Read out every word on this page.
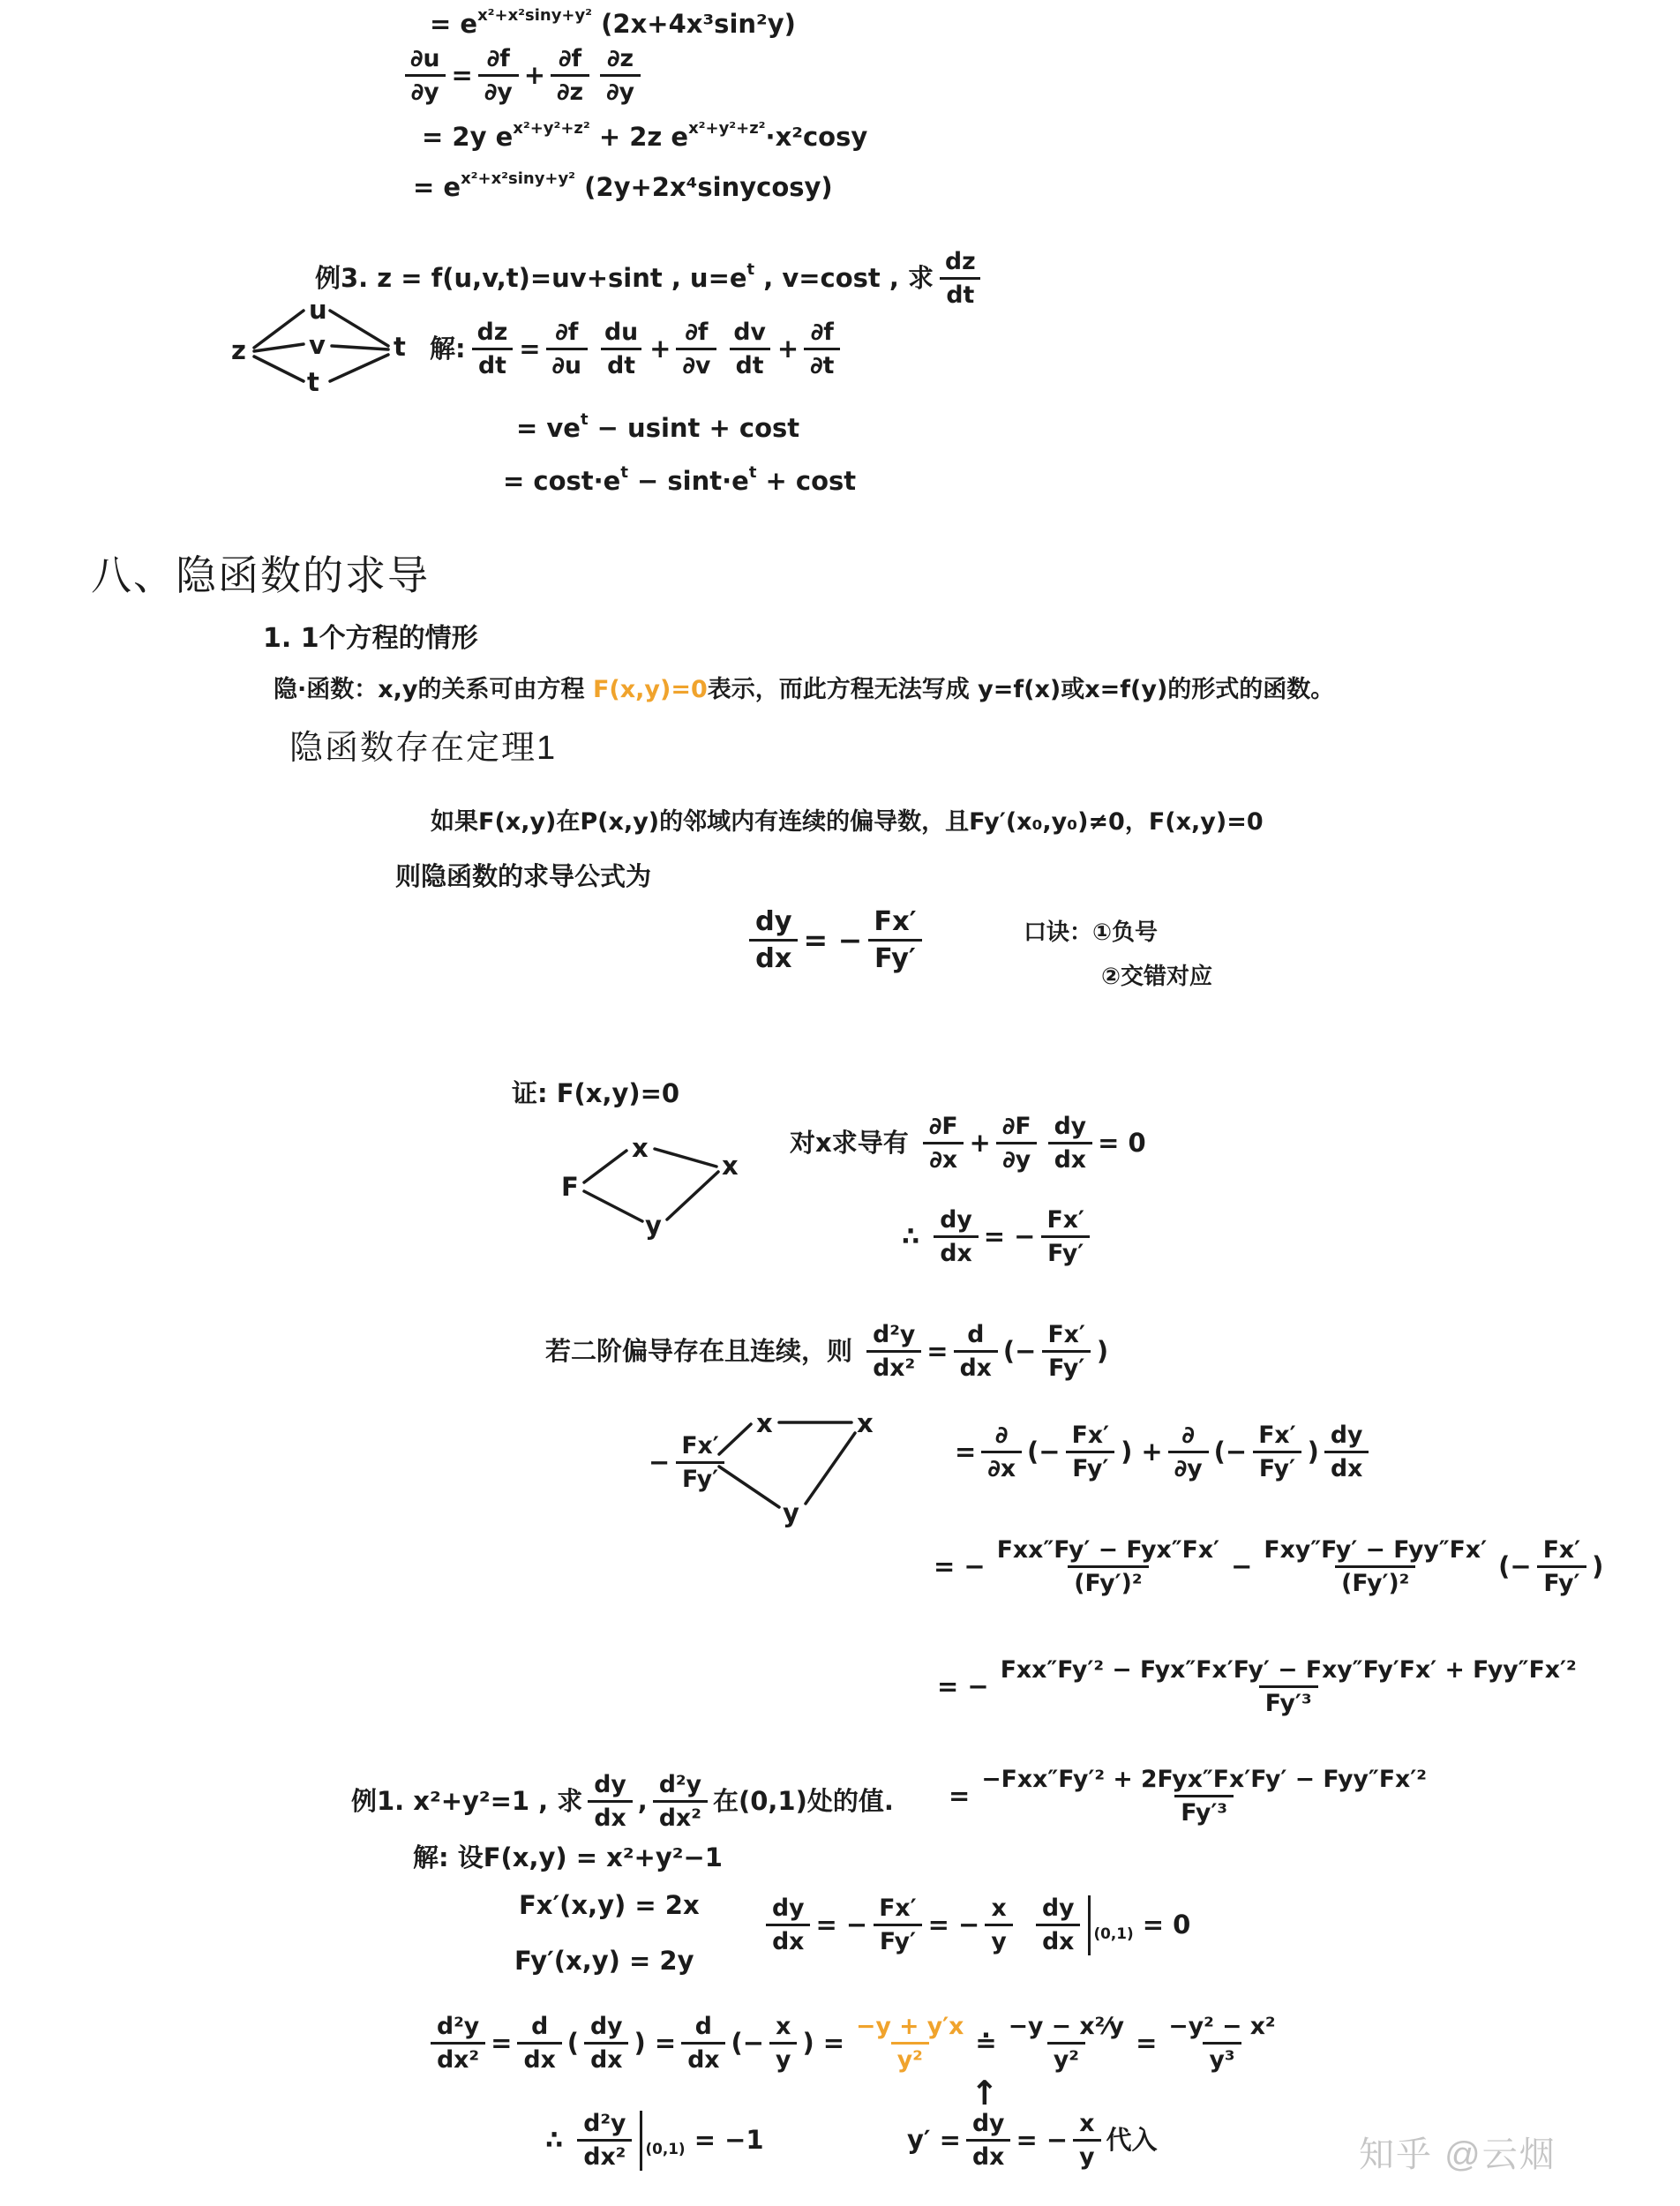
= e x²+x²siny+y² (2x+4x³sin²y)
$\frac{\partial u}{\partial y} = \frac{\partial f}{\partial y} + \frac{\partial f}{\partial z} \frac{\partial z}{\partial y}$
= 2y e x²+y²+z² + 2z e x²+y²+z² ·x²cosy
= e x²+x²siny+y² (2y+2x⁴sinycosy)
例3. z = f(u,v,t)=uv+sint , u=e t , v=cost , 求 $\frac{dz}{dt}$
解: $\frac{dz}{dt} = \frac{\partial f}{\partial u} \frac{du}{dt} + \frac{\partial f}{\partial v} \frac{dv}{dt} + \frac{\partial f}{\partial t}$
= ve t − usint + cost
= cost·e t − sint·e t + cost
八、隐函数的求导
1. 1个方程的情形
隐·函数：x,y的关系可由方程 F(x,y)=0 表示，而此方程无法写成 y=f(x)或x=f(y)的形式的函数。
隐函数存在定理1
如果F(x,y)在P(x,y)的邻域内有连续的偏导数，且Fy′(x₀,y₀)≠0，F(x,y)=0
则隐函数的求导公式为
$\frac{dy}{dx}$ = − $\frac{Fx'}{Fy'}$	口诀：①负号
②交错对应
证: F(x,y)=0
对x求导有 $\frac{\partial F}{\partial x} + \frac{\partial F}{\partial y} \frac{dy}{dx} = 0$
∴ $\frac{dy}{dx}$ = − $\frac{Fx'}{Fy'}$
若二阶偏导存在且连续，则 $\frac{\text{d²y}}{\text{dx²}} = \frac{d}{dx}$ (− $\frac{Fx'}{Fy'}$ )
= $\frac{\partial}{\partial x}$ (− $\frac{Fx'}{Fy'}$ ) + $\frac{\partial}{\partial y}$ (− $\frac{Fx'}{Fy'}$ ) $\frac{dy}{dx}$
= − $\frac{\text{Fxx″Fy′ − Fyx″Fx′}}{\text{(Fy′)²}} - \frac{\text{Fxy″Fy′ − Fyy″Fx′}}{\text{(Fy′)²}}$ (− $\frac{Fx'}{Fy'}$ )
= − $\frac{\text{Fxx″Fy′² − Fyx″Fx′Fy′ − Fxy″Fy′Fx′ + Fyy″Fx′²}}{\text{Fy′³}}$
= $\frac{\text{−Fxx″Fy′² + 2Fyx″Fx′Fy′ − Fyy″Fx′²}}{\text{Fy′³}}$
例1. x²+y²=1 , 求 $\frac{dy}{dx}$ , $\frac{\text{d²y}}{\text{dx²}}$ 在(0,1)处的值.
解: 设F(x,y) = x²+y²−1
Fx′(x,y) = 2x
Fy′(x,y) = 2y
$\frac{dy}{dx}$ = − $\frac{Fx'}{Fy'}$ = − $\frac{x}{y} \frac{dy}{dx} (0,1) = 0$
$\frac{\text{d²y}}{\text{dx²}} = \frac{d}{dx}$ ( $\frac{dy}{dx}$ ) = $\frac{d}{dx}$ (− $\frac{x}{y}$ ) = $\frac{-y + y'x}{\text{y²}}$ ≐ $\frac{\text{−y − x²⁄y}}{\text{y²}} = \frac{\text{−y² − x²}}{\text{y³}}$
↑
$y' = \frac{dy}{dx}$ = − $\frac{x}{y}$ 代入
∴ $\frac{\text{d²y}}{\text{dx²}} (0,1) = -1$	知乎 @云烟
z
u
v
t
t
F
x
y
x
− $\frac{Fx'}{Fy'}$
x
y
x
